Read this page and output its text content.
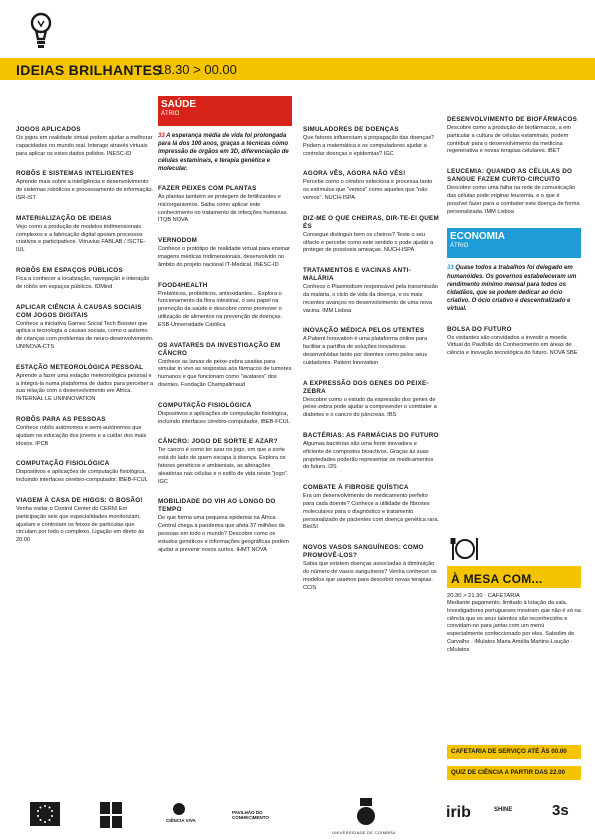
IDEIAS BRILHANTES
18.30 > 00.00
JOGOS APLICADOS
Os jogos em realidade virtual podem ajudar a melhorar capacidades no mundo real. Interage através virtuais para aplicar os estes dados polidos. INESC-ID
ROBÔS E SISTEMAS INTELIGENTES
Aprende mais sobre a inteligência e desenvolvimento de sistemas robóticos e processamento de informação. ISR-IST
MATERIALIZAÇÃO DE IDEIAS
Vejo como a produção de modelos tridimensionais complexos e a fabricação digital apoiam processos criativos e participativos. Vitruvius FABLAB / ISCTE-IUL
ROBÔS EM ESPAÇOS PÚBLICOS
Fica a conhecer a localização, navegação e interação de robôs em espaços públicos. IDMind
APLICAR CIÊNCIA À CAUSAS SOCIAIS COM JOGOS DIGITAIS
Conhece a iniciativa Games Social Tech Booster que aplica a tecnologia a causas sociais, como o autismo de crianças com problemas de neuro-desenvolvimento. UNINOVA-CTS
ESTAÇÃO METEOROLÓGICA PESSOAL
Aprende a fazer uma estação meteorológica pessoal e a integrá-la numa plataforma de dados para perceber a sua relação com o desenvolvimento em África. INTERNAL LE UNINNOVATION
ROBÔS PARA AS PESSOAS
Conhece robôs autónomos e semi-autónomos que ajudam na educação dos jovens e a cuidar dos mais idosos. IPCB
COMPUTAÇÃO FISIOLÓGICA
Dispositivos e aplicações de computação fisiológica, incluindo interfaces cérebro-computador. IBEB-FCUL
VIAGEM À CASA DE HIGGS: O BOSÃO!
Venha visitar o Control Center do CERN! Em participação seis que especialidades monitorizam, ajustam e controlam os feixes de partículas que circulam por todo o complexo. Ligação em direto às 20.00
SAÚDE
ÁTRIO
33 A esperança média de vida foi prolongada para lá dos 100 anos, graças a técnicas como impressão de órgãos em 3D, diferenciação de células estaminais, e terapia genética e molecular.
FAZER PEIXES COM PLANTAS
As plantas também se protegem de fertilizantes e microrganismos. Saiba como aplicar este conhecimento no tratamento de infecções humanas. ITQB NOVA
VERNODOM
Conhece o protótipo de realidade virtual para ensinar imagens médicas tridimensionais, desenvolvido no âmbito do projeto nacional IT-Medical. INESC-ID
FOOD4HEALTH
Prebióticos, probióticos, antioxidantes... Explora o funcionamento da flora intestinal, o seu papel na promoção da saúde e descobre como promover o utilização de alimentos na prevenção de doenças. ESB-Universidade Católica
OS AVATARES DA INVESTIGAÇÃO EM CÂNCRO
Conhece as larvas de peixe-zebra usadas para simular in vivo as respostas aos fármacos de tumores humanos e que funcionam como "avatares" dos doentes. Fundação Champalimaud
COMPUTAÇÃO FISIOLÓGICA
Dispositivos e aplicações de computação fisiológica, incluindo interfaces cérebro-computador. IBEB-FCUL
CÂNCRO: JOGO DE SORTE E AZAR?
Ter cancro é como ter azar no jogo, em que a sorte está do lado de quem escapa à doença. Explora os fatores genéticos e ambientais, as alterações aleatórias nas células e o estilo de vida neste "jogo". IGC
MOBILIDADE DO VIH AO LONGO DO TEMPO
De que forma uma pequena epidemia na África Central chega à pandemia que afeta 37 milhões de pessoas em todo o mundo? Descobre como os estudos genéticos e informações geográficas podem ajudar a prevenir novos surtos. IHMT NOVA
SIMULADORES DE DOENÇAS
Que fatores influenciam a propagação das doenças? Podem a matemática e os computadores ajudar a controlar doenças e epidemias? IGC
AGORA VÊS, AGORA NÃO VÊS!
Percebe como o cérebro seleciona e processa tanto os estímulos que "vemos" como aqueles que "não vemos". NUCH-ISPA
DIZ-ME O QUE CHEIRAS, DIR-TE-EI QUEM ÉS
Consegue distinguir bem os cheiros? Teste o seu olfacto e percebe como este sentido o pode ajudar a proteger de possíveis ameaças. NUCH-ISPA
TRATAMENTOS E VACINAS ANTI-MALÁRIA
Conhece o Plasmodium responsável pela transmissão da malária, o ciclo de vida da doença, e os mais recentes avanços no desenvolvimento de uma nova vacina. IMM Lisboa
INOVAÇÃO MÉDICA PELOS UTENTES
A Patient Innovation é uma plataforma online para facilitar a partilha de soluções inovadoras desenvolvidas tanto por doentes como pelos seus cuidadores. Patient Innovation
A EXPRESSÃO DOS GENES DO PEIXE-ZEBRA
Descobre como o estudo da expressão dos genes de peixe-zebra pode ajudar a compreender o combater a diabetes e o cancro do pâncreas. IBS
BACTÉRIAS: AS FARMÁCIAS DO FUTURO
Algumas bactérias são uma fonte inovadora e eficiente de compostos bioactivos. Graças às suas propriedades poderão representar os medicamentos do futuro. I3S
COMBATE À FIBROSE QUÍSTICA
Era um desenvolvimento de medicamento perfeito para cada doente? Conhece a utilidade de fibroses moleculares para o diagnóstico e tratamento personalizado de pacientes com doença genética rara. BioISI
NOVOS VASOS SANGUÍNEOS: COMO PROMOVÊ-LOS?
Sabia que existem doenças associadas à diminuição do número de vasos sanguíneos? Venha conhecer os modelos que usamos para descobrir novas terapias. CCIS
DESENVOLVIMENTO DE BIOFÁRMACOS
Descobre como a produção de biofármacos, a em particular a cultura de células estaminais, podem contribuir para o desenvolvimento da medicina regenerativa e novas terapias celulares. iBET
LEUCEMIA: QUANDO AS CÉLULAS DO SANGUE FAZEM CURTO-CIRCUITO
Descobre como uma falha na rede de comunicação das células pode originar leucemia, e o que é possível fazer para a combater este doença de forma personalizada. IMM Lisboa
ECONOMIA
ÁTRIO
33 Quase todos a trabalhos foi delegado em humanóides. Os governos estabeleceram um rendimento mínimo mensal para todos os cidadãos, que se podem dedicar ao ócio criativo. O ócio criativo é descentralizado e virtual.
BOLSA DO FUTURO
Os visitantes são convidados a investir a moeda Virtual do Pavilhão do Conhecimento em áreas de ciência e inovação tecnológica do futuro. NOVA SBE
À MESA COM...
20.30 > 21.30 · CAFETARIA
Mediante pagamento, limitado à lotação da sala. Investigadores portugueses mostram que não é só na ciência que os seus talentos são reconhecidos e convidam-no para jantar com um menú especialmente confeccionado por eles. Salsolim de Carvalho · iMulatos Maria Amélia Martins-Loução · cMulatos
CAFETARIA DE SERVIÇO ATÉ ÀS 00.00
QUIZ DE CIÊNCIA A PARTIR DAS 22.00
CIÊNCIA VIVA
PAVILHÃO DO CONHECIMENTO
UNIVERSIDADE DE COIMBRA
irib	SHINE	3s
